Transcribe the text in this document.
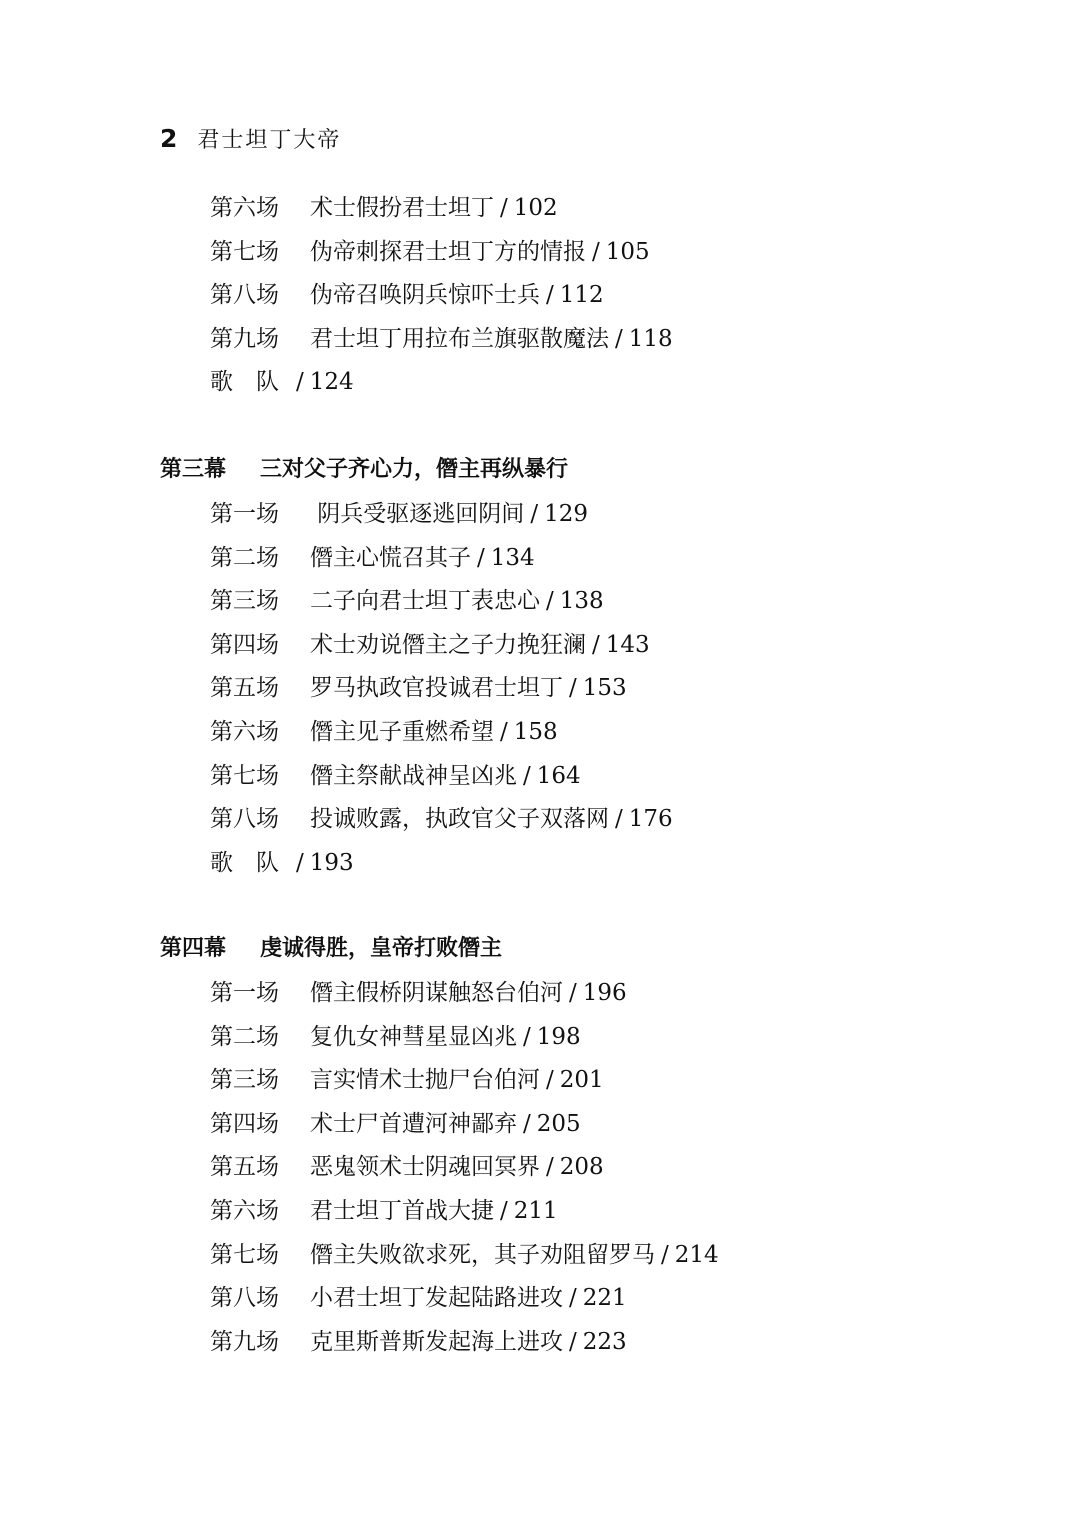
2 君士坦丁大帝
第六场 术士假扮君士坦丁 / 102
第七场 伪帝刺探君士坦丁方的情报 / 105
第八场 伪帝召唤阴兵惊吓士兵 / 112
第九场 君士坦丁用拉布兰旗驱散魔法 / 118
歌　队 / 124
第三幕 三对父子齐心力，僭主再纵暴行
第一场 阴兵受驱逐逃回阴间 / 129
第二场 僭主心慌召其子 / 134
第三场 二子向君士坦丁表忠心 / 138
第四场 术士劝说僭主之子力挽狂澜 / 143
第五场 罗马执政官投诚君士坦丁 / 153
第六场 僭主见子重燃希望 / 158
第七场 僭主祭献战神呈凶兆 / 164
第八场 投诚败露，执政官父子双落网 / 176
歌　队 / 193
第四幕 虔诚得胜，皇帝打败僭主
第一场 僭主假桥阴谋触怒台伯河 / 196
第二场 复仇女神彗星显凶兆 / 198
第三场 言实情术士抛尸台伯河 / 201
第四场 术士尸首遭河神鄙弃 / 205
第五场 恶鬼领术士阴魂回冥界 / 208
第六场 君士坦丁首战大捷 / 211
第七场 僭主失败欲求死，其子劝阻留罗马 / 214
第八场 小君士坦丁发起陆路进攻 / 221
第九场 克里斯普斯发起海上进攻 / 223
